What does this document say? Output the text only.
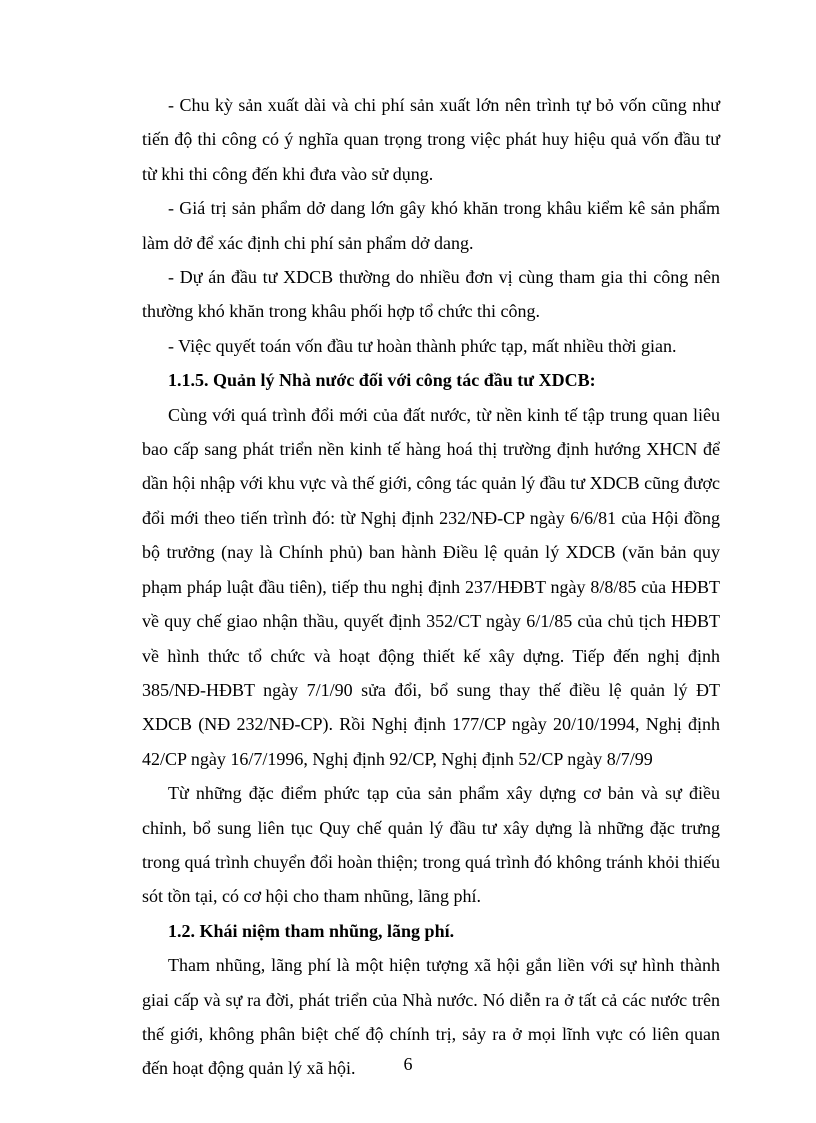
- Chu kỳ sản xuất dài và chi phí sản xuất lớn nên trình tự bỏ vốn cũng như tiến độ thi công có ý nghĩa quan trọng trong việc phát huy hiệu quả vốn đầu tư từ khi thi công đến khi đưa vào sử dụng.

- Giá trị sản phẩm dở dang lớn gây khó khăn trong khâu kiểm kê sản phẩm làm dở để xác định chi phí sản phẩm dở dang.

- Dự án đầu tư XDCB thường do nhiều đơn vị cùng tham gia thi công nên thường khó khăn trong khâu phối hợp tổ chức thi công.

- Việc quyết toán vốn đầu tư hoàn thành phức tạp, mất nhiều thời gian.

1.1.5. Quản lý Nhà nước đối với công tác đầu tư XDCB:

Cùng với quá trình đổi mới của đất nước, từ nền kinh tế tập trung quan liêu bao cấp sang phát triển nền kinh tế hàng hoá thị trường định hướng XHCN để dần hội nhập với khu vực và thế giới, công tác quản lý đầu tư XDCB cũng được đổi mới theo tiến trình đó: từ Nghị định 232/NĐ-CP ngày 6/6/81 của Hội đồng bộ trưởng (nay là Chính phủ) ban hành Điều lệ quản lý XDCB (văn bản quy phạm pháp luật đầu tiên), tiếp thu nghị định 237/HĐBT ngày 8/8/85 của HĐBT về quy chế giao nhận thầu, quyết định 352/CT ngày 6/1/85 của chủ tịch HĐBT về hình thức tổ chức và hoạt động thiết kế xây dựng. Tiếp đến nghị định 385/NĐ-HĐBT ngày 7/1/90 sửa đổi, bổ sung thay thế điều lệ quản lý ĐT XDCB (NĐ 232/NĐ-CP). Rồi Nghị định 177/CP ngày 20/10/1994, Nghị định 42/CP ngày 16/7/1996, Nghị định 92/CP, Nghị định 52/CP ngày 8/7/99

Từ những đặc điểm phức tạp của sản phẩm xây dựng cơ bản và sự điều chỉnh, bổ sung liên tục Quy chế quản lý đầu tư xây dựng là những đặc trưng trong quá trình chuyển đổi hoàn thiện; trong quá trình đó không tránh khỏi thiếu sót tồn tại, có cơ hội cho tham nhũng, lãng phí.

1.2. Khái niệm tham nhũng, lãng phí.

Tham nhũng, lãng phí là một hiện tượng xã hội gắn liền với sự hình thành giai cấp và sự ra đời, phát triển của Nhà nước. Nó diễn ra ở tất cả các nước trên thế giới, không phân biệt chế độ chính trị, sảy ra ở mọi lĩnh vực có liên quan đến hoạt động quản lý xã hội.	6
